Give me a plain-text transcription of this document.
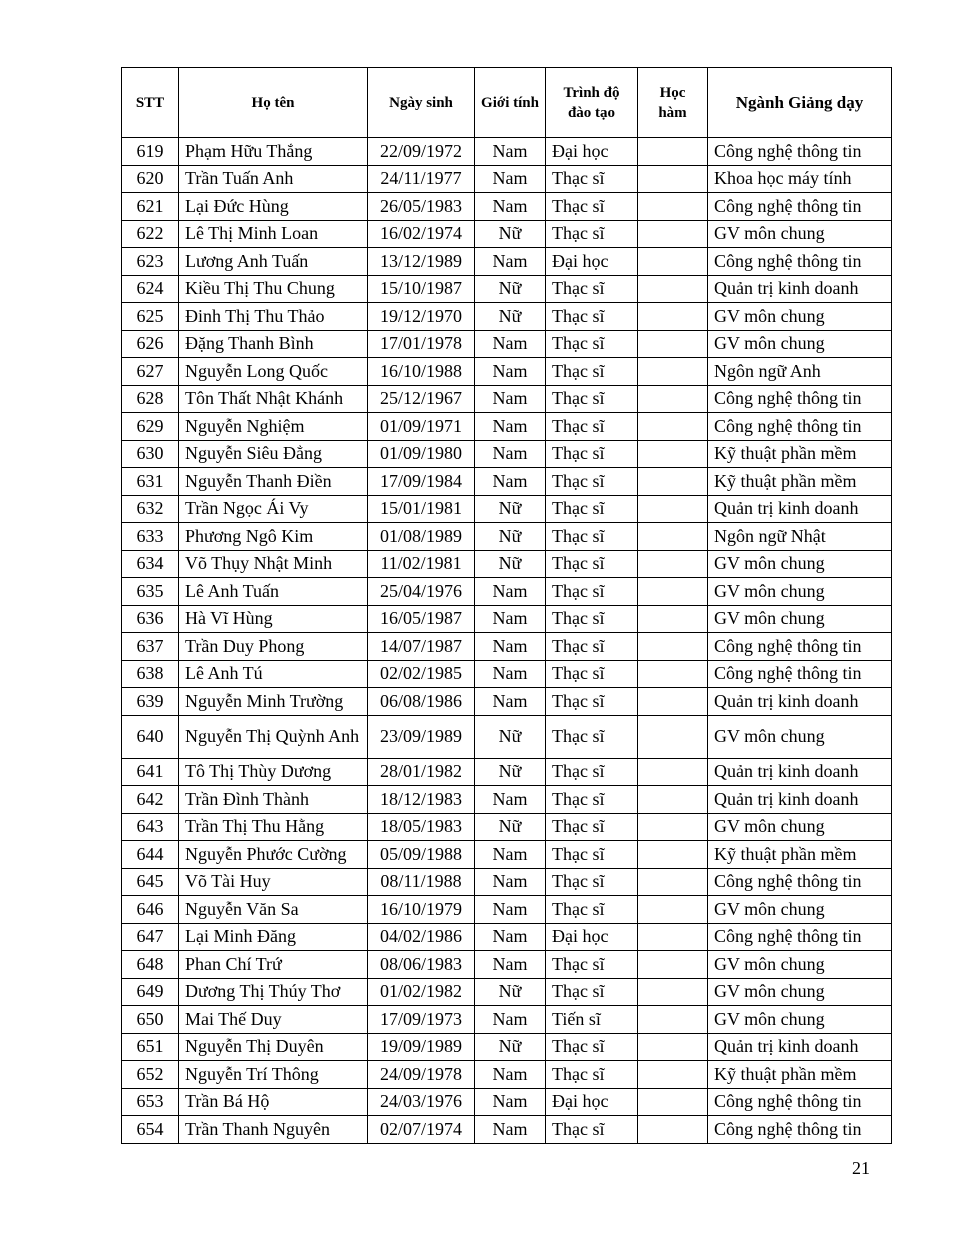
STT	Họ tên	Ngày sinh	Giới tính	Trình độ đào tạo	Học hàm	Ngành Giảng dạy
619	Phạm Hữu Thắng	22/09/1972	Nam	Đại học		Công nghệ thông tin
620	Trần Tuấn Anh	24/11/1977	Nam	Thạc sĩ		Khoa học máy tính
621	Lại Đức Hùng	26/05/1983	Nam	Thạc sĩ		Công nghệ thông tin
622	Lê Thị Minh Loan	16/02/1974	Nữ	Thạc sĩ		GV môn chung
623	Lương Anh Tuấn	13/12/1989	Nam	Đại học		Công nghệ thông tin
624	Kiều Thị Thu Chung	15/10/1987	Nữ	Thạc sĩ		Quản trị kinh doanh
625	Đinh Thị Thu Thảo	19/12/1970	Nữ	Thạc sĩ		GV môn chung
626	Đặng Thanh Bình	17/01/1978	Nam	Thạc sĩ		GV môn chung
627	Nguyễn Long Quốc	16/10/1988	Nam	Thạc sĩ		Ngôn ngữ Anh
628	Tôn Thất Nhật Khánh	25/12/1967	Nam	Thạc sĩ		Công nghệ thông tin
629	Nguyễn Nghiệm	01/09/1971	Nam	Thạc sĩ		Công nghệ thông tin
630	Nguyễn Siêu Đẳng	01/09/1980	Nam	Thạc sĩ		Kỹ thuật phần mềm
631	Nguyễn Thanh Điền	17/09/1984	Nam	Thạc sĩ		Kỹ thuật phần mềm
632	Trần Ngọc Ái Vy	15/01/1981	Nữ	Thạc sĩ		Quản trị kinh doanh
633	Phương Ngô Kim	01/08/1989	Nữ	Thạc sĩ		Ngôn ngữ Nhật
634	Võ Thụy Nhật Minh	11/02/1981	Nữ	Thạc sĩ		GV môn chung
635	Lê Anh Tuấn	25/04/1976	Nam	Thạc sĩ		GV môn chung
636	Hà Vĩ Hùng	16/05/1987	Nam	Thạc sĩ		GV môn chung
637	Trần Duy Phong	14/07/1987	Nam	Thạc sĩ		Công nghệ thông tin
638	Lê Anh Tú	02/02/1985	Nam	Thạc sĩ		Công nghệ thông tin
639	Nguyễn Minh Trường	06/08/1986	Nam	Thạc sĩ		Quản trị kinh doanh
640	Nguyễn Thị Quỳnh Anh	23/09/1989	Nữ	Thạc sĩ		GV môn chung
641	Tô Thị Thùy Dương	28/01/1982	Nữ	Thạc sĩ		Quản trị kinh doanh
642	Trần Đình Thành	18/12/1983	Nam	Thạc sĩ		Quản trị kinh doanh
643	Trần Thị Thu Hằng	18/05/1983	Nữ	Thạc sĩ		GV môn chung
644	Nguyễn Phước Cường	05/09/1988	Nam	Thạc sĩ		Kỹ thuật phần mềm
645	Võ Tài Huy	08/11/1988	Nam	Thạc sĩ		Công nghệ thông tin
646	Nguyễn Văn Sa	16/10/1979	Nam	Thạc sĩ		GV môn chung
647	Lại Minh Đăng	04/02/1986	Nam	Đại học		Công nghệ thông tin
648	Phan Chí Trứ	08/06/1983	Nam	Thạc sĩ		GV môn chung
649	Dương Thị Thúy Thơ	01/02/1982	Nữ	Thạc sĩ		GV môn chung
650	Mai Thế Duy	17/09/1973	Nam	Tiến sĩ		GV môn chung
651	Nguyễn Thị Duyên	19/09/1989	Nữ	Thạc sĩ		Quản trị kinh doanh
652	Nguyễn Trí Thông	24/09/1978	Nam	Thạc sĩ		Kỹ thuật phần mềm
653	Trần Bá Hộ	24/03/1976	Nam	Đại học		Công nghệ thông tin
654	Trần Thanh Nguyên	02/07/1974	Nam	Thạc sĩ		Công nghệ thông tin
21
